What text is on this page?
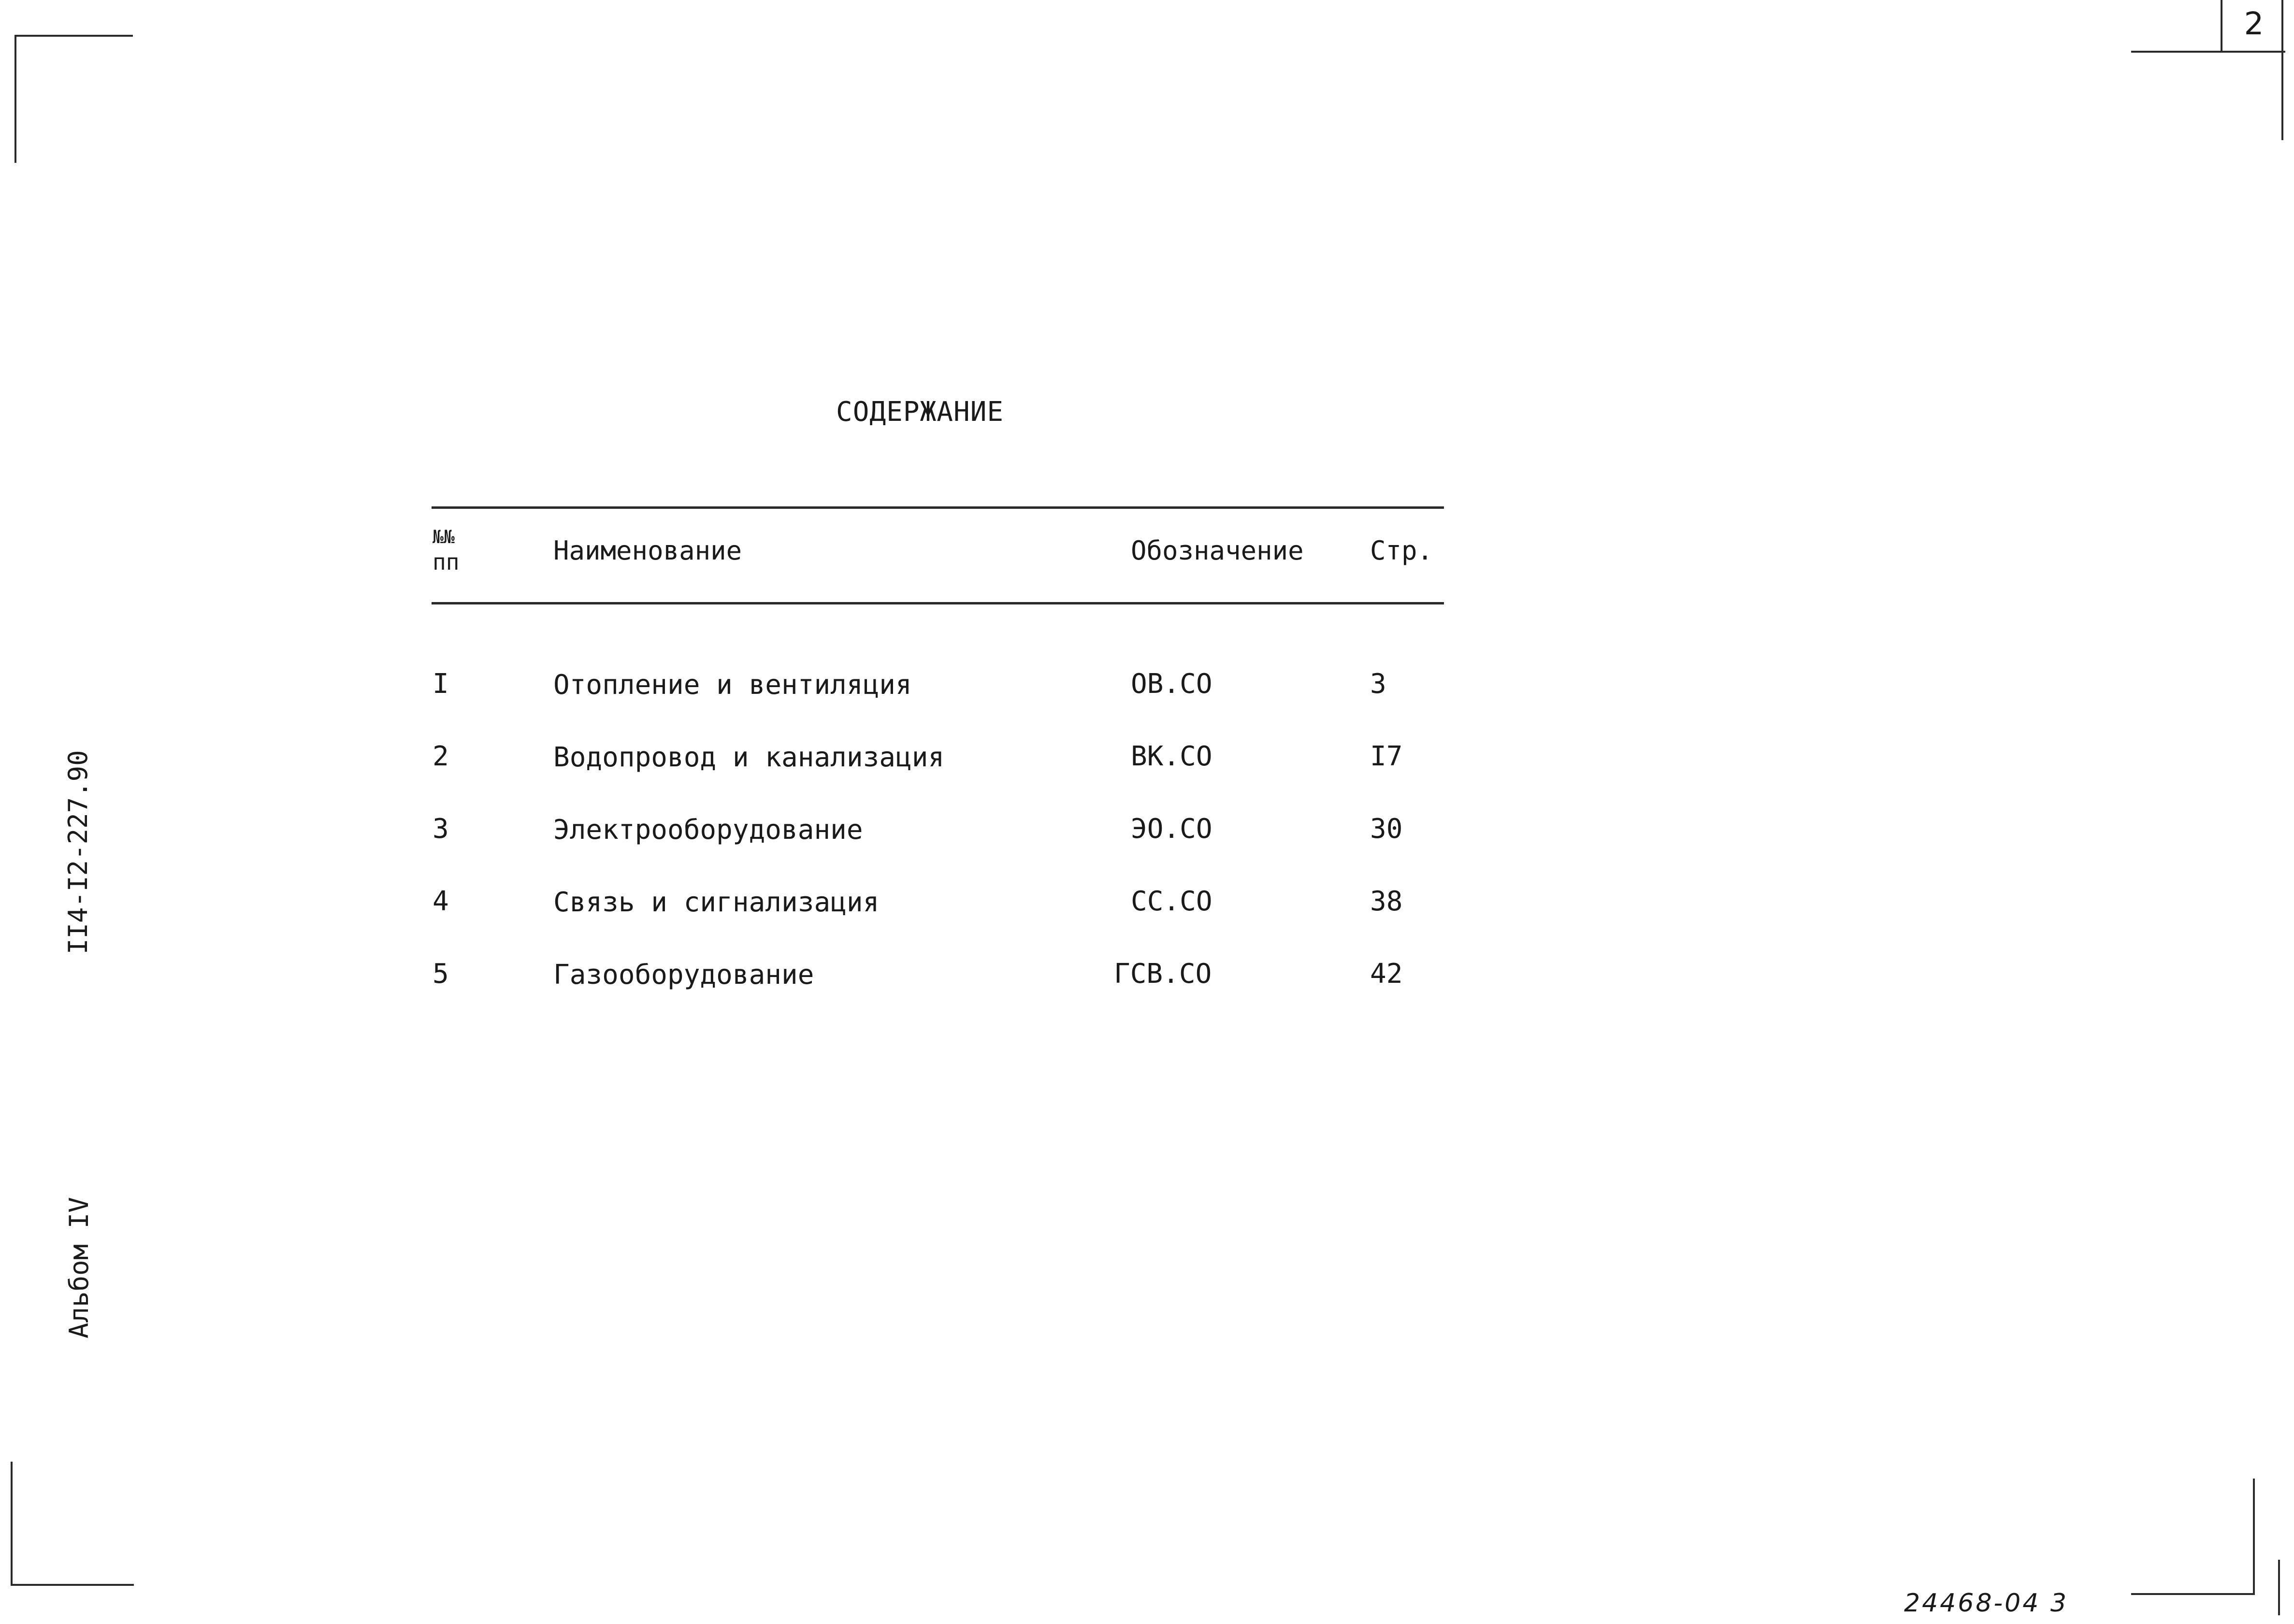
2
II4-I2-227.90
Альбом IV
СОДЕРЖАНИЕ
№№
пп	Наименование	Обозначение	Стр.
I	Отопление и вентиляция	ОВ.СО	3
2	Водопровод и канализация	ВК.СО	I7
3	Электрооборудование	ЭО.СО	30
4	Связь и сигнализация	СС.СО	38
5	Газооборудование	ГСВ.СО	42
24468-04 3
